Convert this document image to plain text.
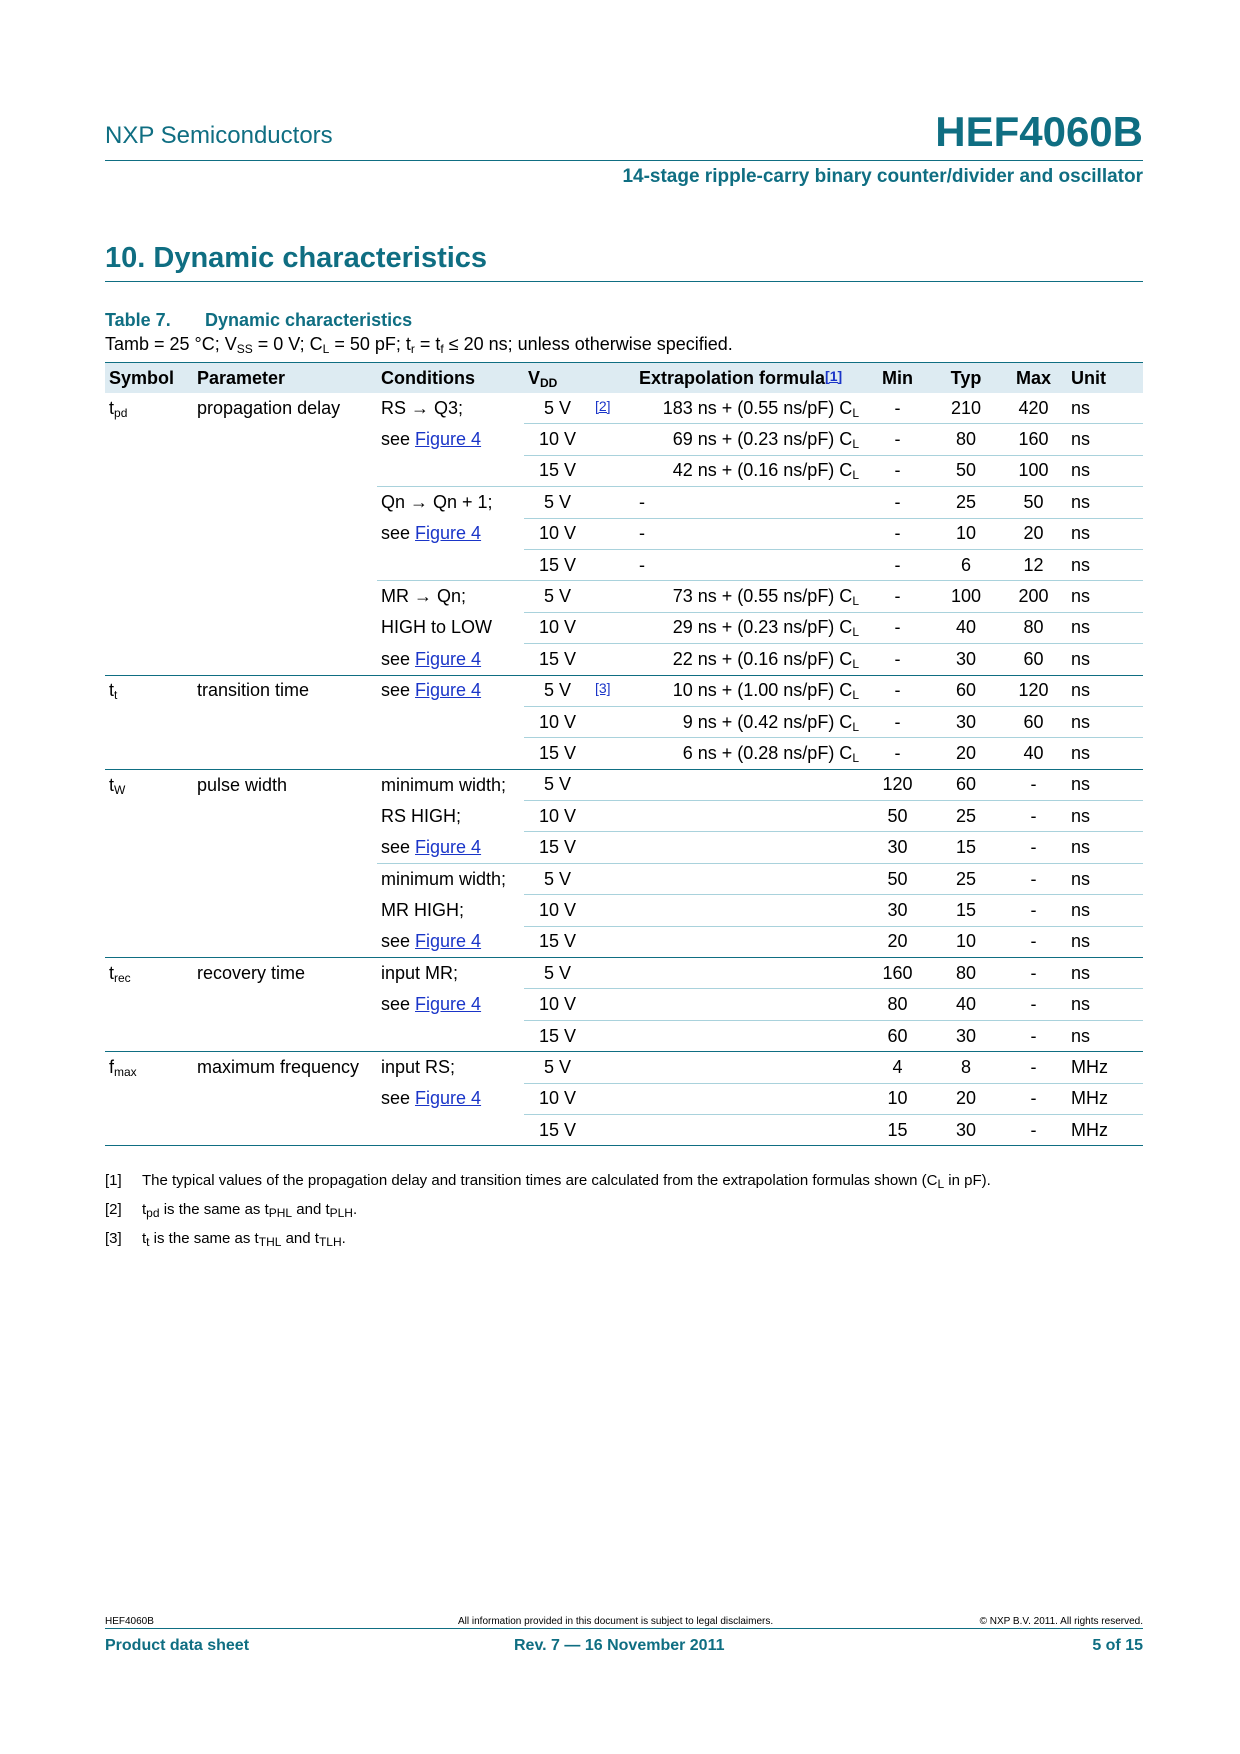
NXP Semiconductors	HEF4060B
14-stage ripple-carry binary counter/divider and oscillator
10. Dynamic characteristics
Table 7. Dynamic characteristics
Tamb = 25 °C; $V_{SS} = 0$ V; $C_L = 50$ pF; $t_r = t_f \le 20$ ns; unless otherwise specified.
Symbol	Parameter	Conditions	$V_{DD}$		Extrapolation formula[1]	Min	Typ	Max	Unit
$t_{pd}$	propagation delay	RS → Q3;	5 V	[2]	183 ns + (0.55 ns/pF) $C_L$	-	210	420	ns
		see Figure 4	10 V		69 ns + (0.23 ns/pF) $C_L$	-	80	160	ns
			15 V		42 ns + (0.16 ns/pF) $C_L$	-	50	100	ns
		Qn → Qn + 1;	5 V		-	-	25	50	ns
		see Figure 4	10 V		-	-	10	20	ns
			15 V		-	-	6	12	ns
		MR → Qn;	5 V		73 ns + (0.55 ns/pF) $C_L$	-	100	200	ns
		HIGH to LOW	10 V		29 ns + (0.23 ns/pF) $C_L$	-	40	80	ns
		see Figure 4	15 V		22 ns + (0.16 ns/pF) $C_L$	-	30	60	ns
$t_t$	transition time	see Figure 4	5 V	[3]	10 ns + (1.00 ns/pF) $C_L$	-	60	120	ns
			10 V		9 ns + (0.42 ns/pF) $C_L$	-	30	60	ns
			15 V		6 ns + (0.28 ns/pF) $C_L$	-	20	40	ns
$t_W$	pulse width	minimum width;	5 V			120	60	-	ns
		RS HIGH;	10 V			50	25	-	ns
		see Figure 4	15 V			30	15	-	ns
		minimum width;	5 V			50	25	-	ns
		MR HIGH;	10 V			30	15	-	ns
		see Figure 4	15 V			20	10	-	ns
$t_{rec}$	recovery time	input MR;	5 V			160	80	-	ns
		see Figure 4	10 V			80	40	-	ns
			15 V			60	30	-	ns
$f_{max}$	maximum frequency	input RS;	5 V			4	8	-	MHz
		see Figure 4	10 V			10	20	-	MHz
			15 V			15	30	-	MHz
[1] The typical values of the propagation delay and transition times are calculated from the extrapolation formulas shown ($C_L$ in pF).
[2] $t_{pd}$ is the same as $t_{PHL}$ and $t_{PLH}$.
[3] $t_t$ is the same as $t_{THL}$ and $t_{TLH}$.
HEF4060B	All information provided in this document is subject to legal disclaimers.	© NXP B.V. 2011. All rights reserved.
Product data sheet	Rev. 7 — 16 November 2011	5 of 15
